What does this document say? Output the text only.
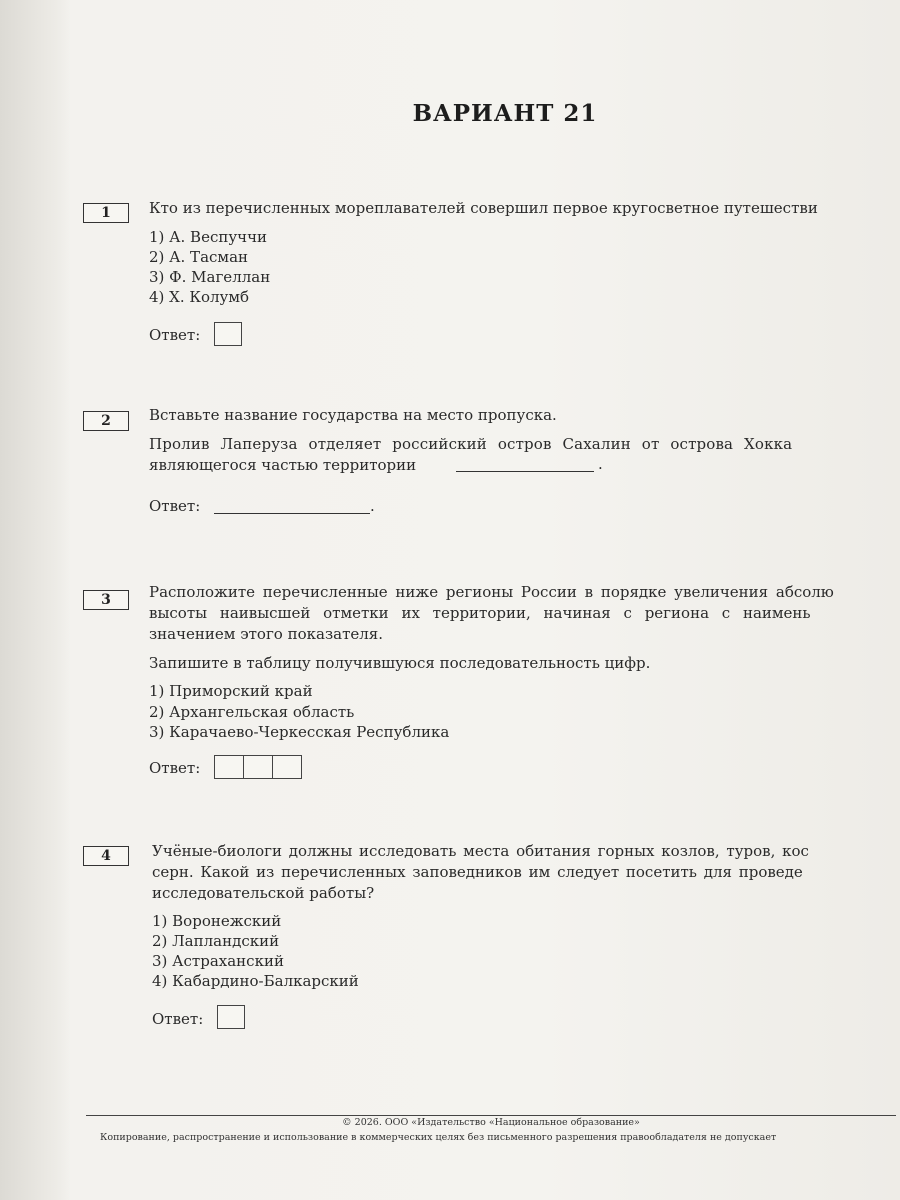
ВАРИАНТ 21
1	Кто из перечисленных мореплавателей совершил первое кругосветное путешестви
1) А. Веспуччи
2) А. Тасман
3) Ф. Магеллан
4) Х. Колумб
Ответ:
2	Вставьте название государства на место пропуска.
Пролив Лаперуза отделяет российский остров Сахалин от острова Хокка
являющегося частью территории	.
Ответ:	.
3	Расположите перечисленные ниже регионы России в порядке увеличения абсолю
высоты наивысшей отметки их территории, начиная с региона с наимень
значением этого показателя.
Запишите в таблицу получившуюся последовательность цифр.
1) Приморский край
2) Архангельская область
3) Карачаево-Черкесская Республика
Ответ:
4	Учёные-биологи должны исследовать места обитания горных козлов, туров, кос
серн. Какой из перечисленных заповедников им следует посетить для проведе
исследовательской работы?
1) Воронежский
2) Лапландский
3) Астраханский
4) Кабардино-Балкарский
Ответ:
© 2026. ООО «Издательство «Национальное образование»
Копирование, распространение и использование в коммерческих целях без письменного разрешения правообладателя не допускает
